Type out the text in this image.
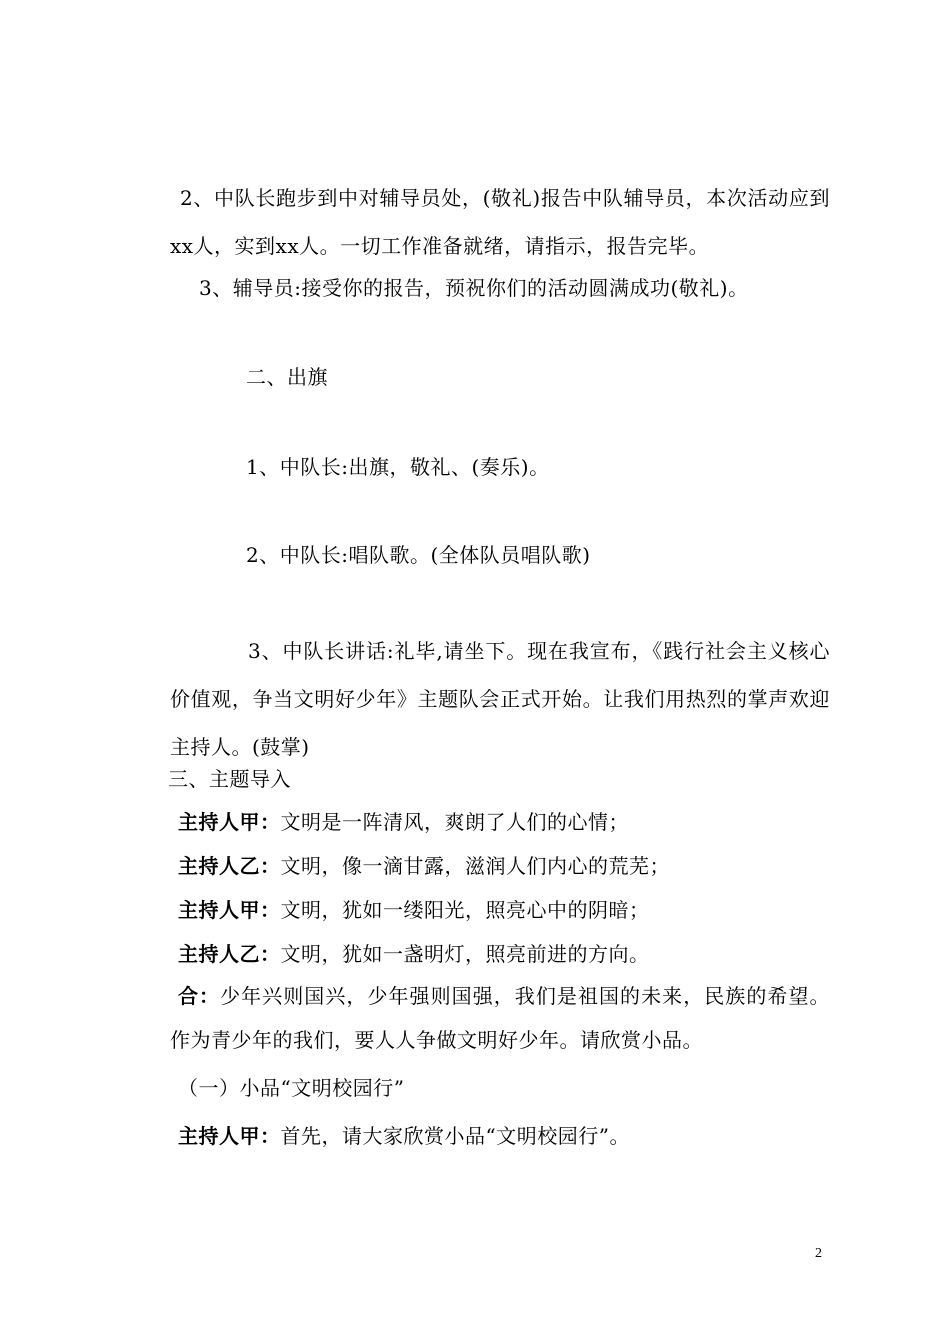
2、中队长跑步到中对辅导员处，(敬礼)报告中队辅导员，本次活动应到xx人，实到xx人。一切工作准备就绪，请指示，报告完毕。
3、辅导员:接受你的报告，预祝你们的活动圆满成功(敬礼)。
二、出旗
1、中队长:出旗，敬礼、(奏乐)。
2、中队长:唱队歌。(全体队员唱队歌)
3、中队长讲话:礼毕,请坐下。现在我宣布，《践行社会主义核心价值观，争当文明好少年》主题队会正式开始。让我们用热烈的掌声欢迎主持人。(鼓掌)
三、主题导入
主持人甲：文明是一阵清风，爽朗了人们的心情；
主持人乙：文明，像一滴甘露，滋润人们内心的荒芜；
主持人甲：文明，犹如一缕阳光，照亮心中的阴暗；
主持人乙：文明，犹如一盏明灯，照亮前进的方向。
合：少年兴则国兴，少年强则国强，我们是祖国的未来，民族的希望。作为青少年的我们，要人人争做文明好少年。请欣赏小品。
（一）小品“文明校园行”
主持人甲：首先，请大家欣赏小品“文明校园行”。
2
